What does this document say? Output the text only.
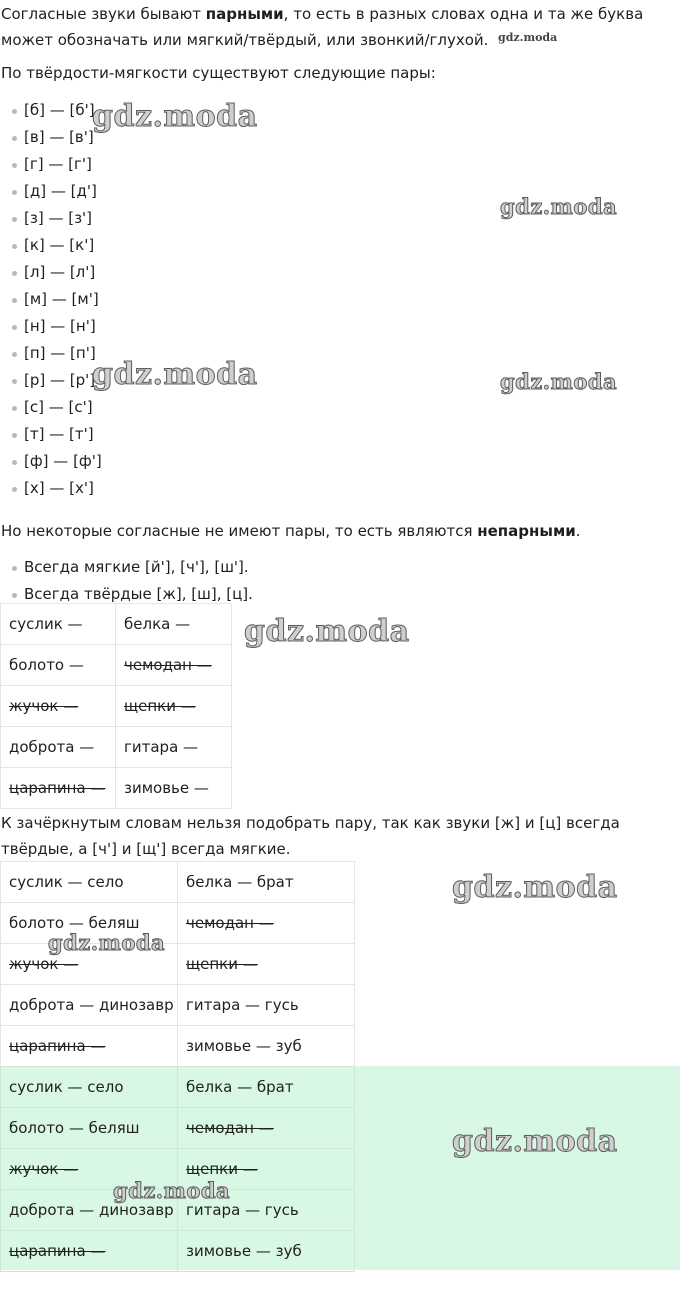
Согласные звуки бывают парными, то есть в разных словах одна и та же буква может обозначать или мягкий/твёрдый, или звонкий/глухой.

По твёрдости-мягкости существуют следующие пары:

[б] — [б']
[в] — [в']
[г] — [г']
[д] — [д']
[з] — [з']
[к] — [к']
[л] — [л']
[м] — [м']
[н] — [н']
[п] — [п']
[р] — [р']
[с] — [с']
[т] — [т']
[ф] — [ф']
[х] — [х']

Но некоторые согласные не имеют пары, то есть являются непарными.

Всегда мягкие [й'], [ч'], [ш'].
Всегда твёрдые [ж], [ш], [ц].
суслик —	белка —
болото —	чемодан —
жучок —	щепки —
доброта —	гитара —
царапина —	зимовье —

К зачёркнутым словам нельзя подобрать пару, так как звуки [ж] и [ц] всегда твёрдые, а [ч'] и [щ'] всегда мягкие.

суслик — село	белка — брат
болото — беляш	чемодан —
жучок —	щепки —
доброта — динозавр	гитара — гусь
царапина —	зимовье — зуб
суслик — село	белка — брат
болото — беляш	чемодан —
жучок —	щепки —
доброта — динозавр	гитара — гусь
царапина —	зимовье — зуб
gdz.moda
gdz.moda
gdz.moda
gdz.moda	gdz.moda
gdz.moda
gdz.moda
gdz.moda
gdz.moda
gdz.moda
